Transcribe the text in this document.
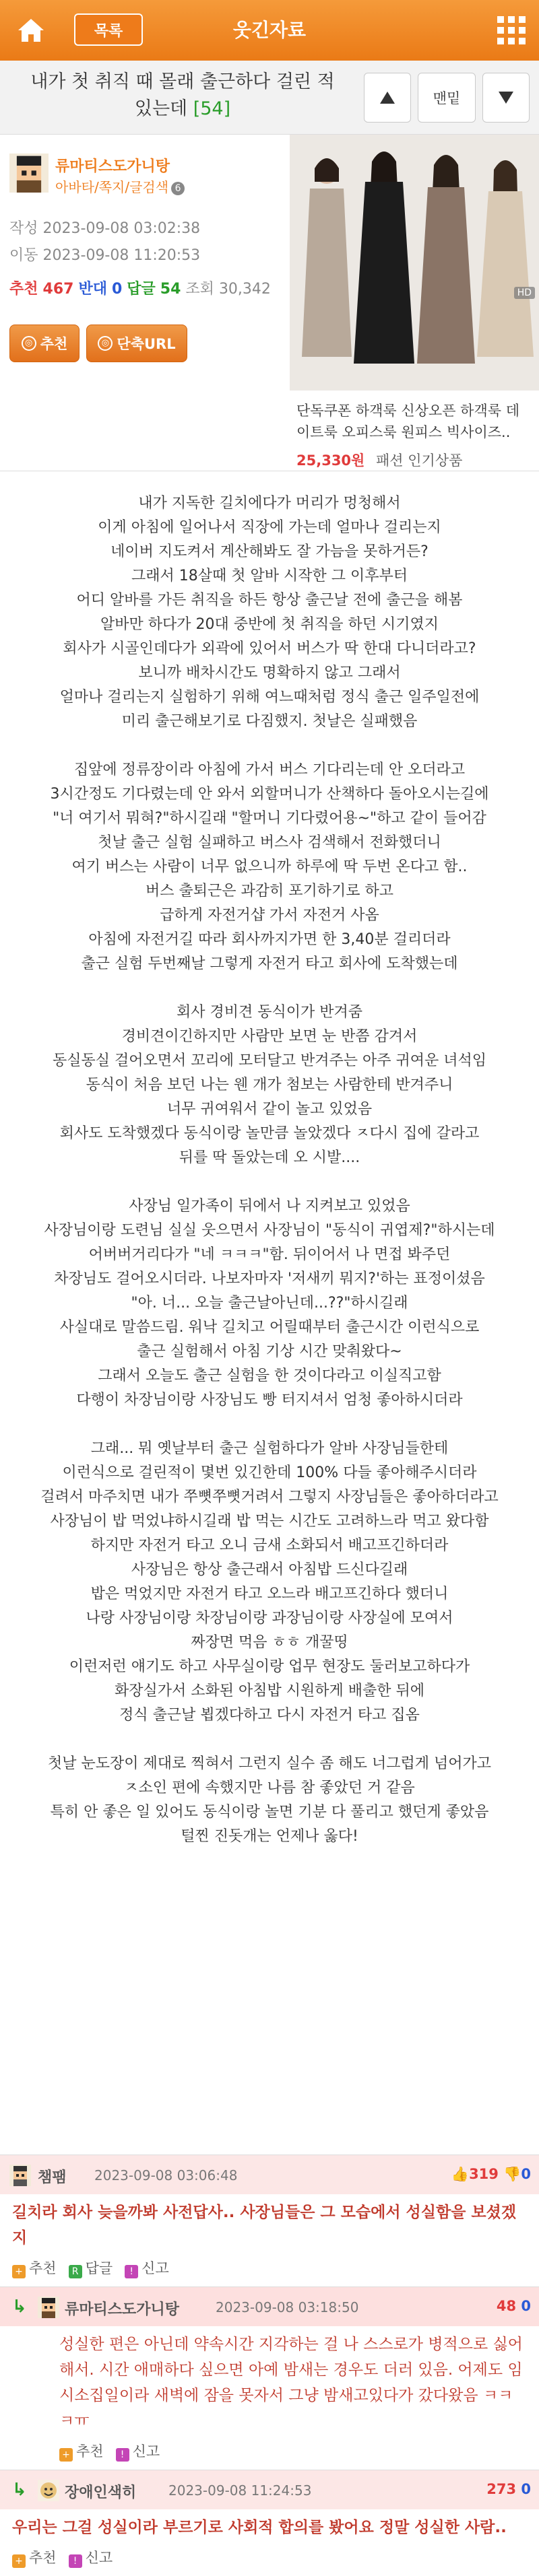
목록	웃긴자료
내가 첫 취직 때 몰래 출근하다 걸린 적 있는데 [54]	맨밑
류마티스도가니탕
아바타/쪽지/글검색 6
작성 2023-09-08 03:02:38
이동 2023-09-08 11:20:53
추천 467 반대 0 답글 54 조회 30,342
◎ 추천	◎ 단축URL
HD
단독쿠폰 하객룩 신상오픈 하객룩 데이트룩 오피스룩 원피스 빅사이즈..
25,330원 패션 인기상품
내가 지독한 길치에다가 머리가 멍청해서
이게 아침에 일어나서 직장에 가는데 얼마나 걸리는지
네이버 지도켜서 계산해봐도 잘 가늠을 못하거든?
그래서 18살때 첫 알바 시작한 그 이후부터
어디 알바를 가든 취직을 하든 항상 출근날 전에 출근을 해봄
알바만 하다가 20대 중반에 첫 취직을 하던 시기였지
회사가 시골인데다가 외곽에 있어서 버스가 딱 한대 다니더라고?
보니까 배차시간도 명확하지 않고 그래서
얼마나 걸리는지 실험하기 위해 여느때처럼 정식 출근 일주일전에
미리 출근해보기로 다짐했지. 첫날은 실패했음
집앞에 정류장이라 아침에 가서 버스 기다리는데 안 오더라고
3시간정도 기다렸는데 안 와서 외할머니가 산책하다 돌아오시는길에
"너 여기서 뭐혀?"하시길래 "할머니 기다렸어용~"하고 같이 들어감
첫날 출근 실험 실패하고 버스사 검색해서 전화했더니
여기 버스는 사람이 너무 없으니까 하루에 딱 두번 온다고 함..
버스 출퇴근은 과감히 포기하기로 하고
급하게 자전거샵 가서 자전거 사옴
아침에 자전거길 따라 회사까지가면 한 3,40분 걸리더라
출근 실험 두번째날 그렇게 자전거 타고 회사에 도착했는데
회사 경비견 동식이가 반겨줌
경비견이긴하지만 사람만 보면 눈 반쯤 감겨서
동실동실 걸어오면서 꼬리에 모터달고 반겨주는 아주 귀여운 녀석임
동식이 처음 보던 나는 웬 개가 첨보는 사람한테 반겨주니
너무 귀여워서 같이 놀고 있었음
회사도 도착했겠다 동식이랑 놀만큼 놀았겠다 ㅈ다시 집에 갈라고
뒤를 딱 돌았는데 오 시발....
사장님 일가족이 뒤에서 나 지켜보고 있었음
사장님이랑 도련님 실실 웃으면서 사장님이 "동식이 귀엽제?"하시는데
어버버거리다가 "네 ㅋㅋㅋ"함. 뒤이어서 나 면접 봐주던
차장님도 걸어오시더라. 나보자마자 '저새끼 뭐지?'하는 표정이셨음
"아. 너... 오늘 출근날아닌데...??"하시길래
사실대로 말씀드림. 워낙 길치고 어릴때부터 출근시간 이런식으로
출근 실험해서 아침 기상 시간 맞춰왔다~
그래서 오늘도 출근 실험을 한 것이다라고 이실직고함
다행이 차장님이랑 사장님도 빵 터지셔서 엄청 좋아하시더라
그래... 뭐 옛날부터 출근 실험하다가 알바 사장님들한테
이런식으로 걸린적이 몇번 있긴한데 100% 다들 좋아해주시더라
걸려서 마주치면 내가 쭈뼛쭈뼛거려서 그렇지 사장님들은 좋아하더라고
사장님이 밥 먹었냐하시길래 밥 먹는 시간도 고려하느라 먹고 왔다함
하지만 자전거 타고 오니 금새 소화되서 배고프긴하더라
사장님은 항상 출근래서 아침밥 드신다길래
밥은 먹었지만 자전거 타고 오느라 배고프긴하다 했더니
나랑 사장님이랑 차장님이랑 과장님이랑 사장실에 모여서
짜장면 먹음 ㅎㅎ 개꿀띵
이런저런 얘기도 하고 사무실이랑 업무 현장도 둘러보고하다가
화장실가서 소화된 아침밥 시원하게 배출한 뒤에
정식 출근날 뵙겠다하고 다시 자전거 타고 집옴
첫날 눈도장이 제대로 찍혀서 그런지 실수 좀 해도 너그럽게 넘어가고
ㅈ소인 편에 속했지만 나름 참 좋았던 거 같음
특히 안 좋은 일 있어도 동식이랑 놀면 기분 다 풀리고 했던게 좋았음
털찐 진돗개는 언제나 옳다!
챔팸 2023-09-08 03:06:48	👍319 👎0
길치라 회사 늦을까봐 사전답사.. 사장님들은 그 모습에서 성실함을 보셨겠지
+ 추천	R 답글	! 신고
↳	류마티스도가니탕	2023-09-08 03:18:50	48 0
성실한 편은 아닌데 약속시간 지각하는 걸 나 스스로가 병적으로 싫어해서. 시간 애매하다 싶으면 아예 밤새는 경우도 더러 있음. 어제도 임시소집일이라 새벽에 잠을 못자서 그냥 밤새고있다가 갔다왔음 ㅋㅋㅋㅠ
+ 추천	! 신고
↳	장애인색히 2023-09-08 11:24:53	273 0
우리는 그걸 성실이라 부르기로 사회적 합의를 봤어요 정말 성실한 사람..
+ 추천	! 신고
